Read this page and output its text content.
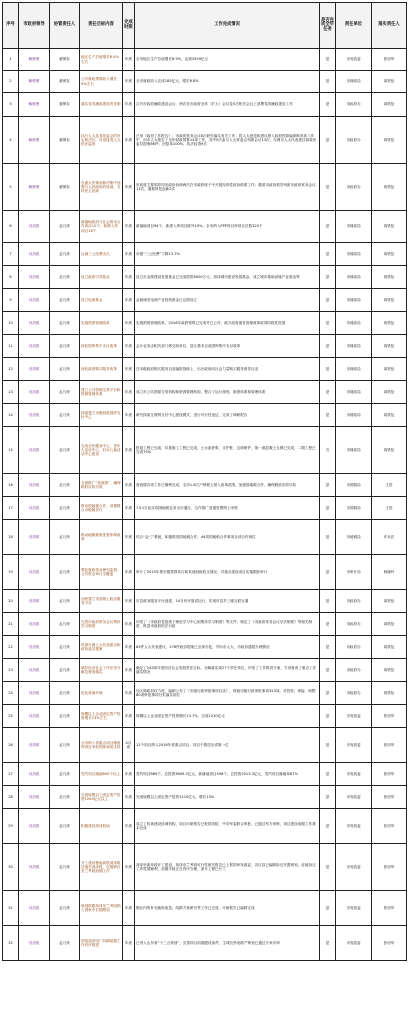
序号	市政府领导	协管责任人	责任目标内容	完成时限	工作完成情况	是否完成全年任务	责任单位	落实责任人
1	解维俊	翟保存	地区生产总值增长8.5%左右	年底	全市地区生产总值增长8.5%，达到2559亿元	是	市发改委	张培华
2	解维俊	翟保存	公共财政预算收入增长9%左右	年底	全市财政收入完成185亿元，增长8.8%	是	市财政局	周铁伦
3	解维俊	翟保存	落实党风廉政建设责任制	年底	召开市政府廉政建设会议，两次在市政府全体（扩大）会议及5次相关会议上部署党风廉政建设工作	是	市政府办	周铁伦
4	解维俊	翟保存	执行人大及其常委会的决定和决议，自觉接受人大依法监督	年底	已形《政府工作报告》；市政府常务会议8次研究落实有关工作；将人大意见和建议纳入政府预算编制和具体工作中，向市人大报告了全年财政预算14项工作，其中5次参与人大常委会列席会议13次；办理市人大代表建议和政协委员提案86件；回复率100%，执法检查9次	是	市政府办	周铁伦
5	解维俊	翟保存	在重大决策前和决策中加强与人民政协的协商，支持民主协商	年底	市政府主要领导同市政协协商两次在市政府班子中开展经常性政协联系工作；邀请市政协领导列席市政府常务会议13次，通报科技创新2次	是	市政府办	周铁伦
6	闫剑波	孟凡荣	新落地政府与社会资本合作项目10个，新增入库项目16个	年底	新落地项目94个，新建入库项目除外10%，全市纳入PPP项目库项目总数325个	是	市财政局	周铁伦
7	闫剑波	孟凡荣	压减三公经费支出	年底	市级“三公经费”下降13.7%	是	市财政局	周铁伦
8	闫剑波	孟凡荣	设立政府引导基金	年底	设立市金源建设发展基金已完成投资6000万元；菏泽城市建设发展基金、成立城市基础设施产业基金等	是	市财政局	周铁伦
9	闫剑波	孟凡荣	设立电商基金	年底	金源诚发电商产业投资基金已注册设立	是	市财政局	周铁伦
10	闫剑波	孟凡荣	实施预算管理改革	年底	实施预算管理改革，2016年政府预算已完成并已公开；地方政府债务管理改革取得阶段性进展	是	市财政局	周铁伦
11	闫剑波	孟凡荣	深化国库集中支付改革	年底	会计业务由相关部门移交给单位，县区基本完成国库集中支付改革	是	市财政局	周铁伦
12	闫剑波	孟凡荣	深化政府购买服务改革	年底	在本级政府购买服务目录编报基础上，出台政府向社会力量购买服务指导目录	是	市财政局	周铁伦
13	闫剑波	孟凡荣	建立公共资源交易平台和资源管理体系	年底	成立市公共资源交易机构和资源管理机构，整合了运行规则，制度体系和管理体系	是	市财政局	周铁伦
14	闫剑波	孟凡荣	探索建立市级财政国库支付中心	年底	研究探索互联网支付中心建设模式，进行可行性论证，完成了调研报告	是	市财政局	周铁伦
15	闫剑波	孟凡荣	完成全民健身中心、老年人活动中心、妇女儿童活动中心建设	年底	桩基工程已完成，坑基施工工程已完成，土水泥砂浆、支护桩、边坡喷护，第一道混凝土支撑已完成，二期工程已完成70%	否	市财政局	周铁伦
16	闫剑波	孟凡荣	全面推广“营改增”，确保税收应收尽收	年底	营改增各项工作已顺利完成，全市1.8万户纳税人纳入改革范围，加强国地税合作，确保税收应收尽收	是	市国税局	王进
17	闫剑波	孟凡荣	推动国地税合作，设置联合办税服务厅	年底	7月1日起实现国地税业务全市通办，合作推广普通发票网上申领	是	市国税局	王进
18	闫剑波	孟凡荣	推动地税税收征管体制改革	年底	结合“金三”系统，积极推进国地税合作，44项国地税合作事项全部合作到位	是	市地税局	许兵法
19	闫剑波	孟凡荣	强化财政资金使用监督，公共资金审计全覆盖	年底	审计了2015年度市级预算执行和其他财政收支情况；对重点建设项目实施跟踪审计	是	市审计局	杨晓玲
20	闫剑波	孟凡荣	加快建立市县网上政务服务平台	年底	市县政务服务平台创建，10月份开展试运行，实现市县乡三级互联互通	是	市政府办	周铁伦
21	闫剑波	孟凡荣	完善市政府常务会议集体学习制度	年底	印发了《市政府党组班子理论学习中心组集体学习制度》等文件；制定了《市政府常务会议学法制度》等相关制度，推进市政府依法行政	是	市政府办	周铁伦
22	闫剑波	孟凡荣	巩固办理人大代表建议和政协委员提案	年底	83件人大代表建议，276件政协提案已全部办复，并向市人大、市政协通报办理情况	是	市政府办	周铁伦
23	闫剑波	孟凡荣	做好经济社会工作任务分解及督查落实	年底	确定了243项年度经济社会发展责任目标，分解落实到27个责任单位，印发了工作推进方案，专项督查了重点工作落实情况	是	市政府办	周铁伦
24	闫剑波	孟凡荣	优化营商环境	年底	加大简政放权力度，编制公布了《市级行政审批事项目录》，保留市级行政审批事项323项，对投资、承接、调整80项审批事项分类落实到位	是	市政府办	周铁伦
25	闫剑波	孟凡荣	规模以上企业固定资产投资增长13%左右	年底	规模以上企业固定资产投资增长13.7%，完成1210亿元	是	市发改委	张培华
26	闫剑波	孟凡荣	全市纳入省重点项目储备库项目争取国家和省支持	4月底	12个项目纳入2016年省重点项目，项目个数居全省第一位	是	市发改委	张培华
27	闫剑波	孟凡荣	签约项目落地600个以上	年底	签约项目689个，总投资3809.2亿元，新落地项目596个，总投资2013.3亿元，签约项目落地率87%	是	市发改委	张培华
28	闫剑波	孟凡荣	完成规模以上固定资产投资1200亿元以上	年底	完成规模以上固定资产投资1210亿元，增长13%	是	市发改委	张培华
29	闫剑波	孟凡荣	积极建设菏泽机场	年底	成立了机场建设协调机构，项目可研报告已报国务院、中央军委联合审批，已通过军方审核，项目建设前期工作基本完成	是	市发改委	张培华
30	闫剑波	孟凡荣	开工建设鲁南高铁菏泽段济南至菏泽段，实施郓巨至兰考段前期工作	年底	菏泽至曲阜段开工建设，菏泽至兰考段可行性研究报告已上报国家发改委，各区县已编制拆迁安置规划，征地拆迁工作进展顺利，前期手续正在有序办理，部分工程已开工	是	市发改委	张培华
31	闫剑波	孟凡荣	规划铁路菏泽至兰考段纳入国家中长期规划	年底	额区内的补充换料改造，线路方案研究等工作已完成，可研报告已编制完成	是	市发改委	张培华
32	闫剑波	孟凡荣	国电菏泽电厂四期前期工作有序推进	年底	已列入山东省“十三五规划”，完善项目前期建设条件，主城区热电联产规划已通过专家评审	是	市发改委	张培华
